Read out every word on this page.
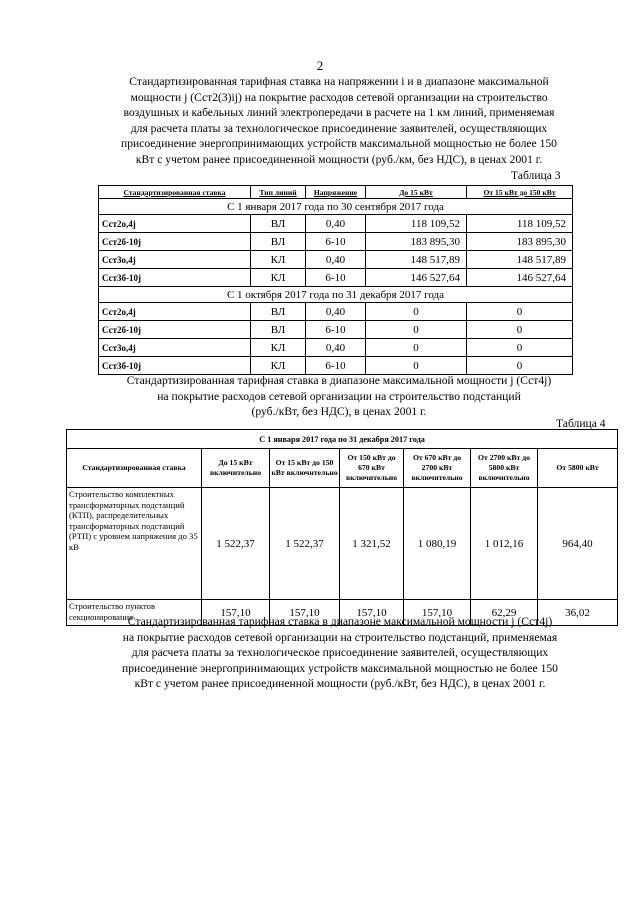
2
Стандартизированная тарифная ставка на напряжении i и в диапазоне максимальной
мощности j (Сст2(3)ij) на покрытие расходов сетевой организации на строительство
воздушных и кабельных линий электропередачи в расчете на 1 км линий, применяемая
для расчета платы за технологическое присоединение заявителей, осуществляющих
присоединение энергопринимающих устройств максимальной мощностью не более 150
кВт с учетом ранее присоединенной мощности (руб./км, без НДС), в ценах 2001 г.
Таблица 3
Стандартизированная ставка	Тип линий	Напряжение	До 15 кВт	От 15 кВт до 150 кВт
С 1 января 2017 года по 30 сентября 2017 года				
Сст2о,4j	ВЛ	0,40	118 109,52	118 109,52
Сст2б-10j	ВЛ	6-10	183 895,30	183 895,30
Сст3о,4j	КЛ	0,40	148 517,89	148 517,89
Сст3б-10j	КЛ	6-10	146 527,64	146 527,64
С 1 октября 2017 года по 31 декабря 2017 года				
Сст2о,4j	ВЛ	0,40	0	0
Сст2б-10j	ВЛ	6-10	0	0
Сст3о,4j	КЛ	0,40	0	0
Сст3б-10j	КЛ	6-10	0	0
Стандартизированная тарифная ставка в диапазоне максимальной мощности j (Сст4j)
на покрытие расходов сетевой организации на строительство подстанций
(руб./кВт, без НДС), в ценах 2001 г.
Таблица 4
С 1 января 2017 года по 31 декабря 2017 года						
Стандартизированная ставка	До 15 кВт включительно	От 15 кВт до 150 кВт включительно	От 150 кВт до 670 кВт включительно	От 670 кВт до 2700 кВт включительно	От 2700 кВт до 5800 кВт включительно	От 5800 кВт
Строительство комплектных трансформаторных подстанций (КТП), распределительных трансформаторных подстанций (РТП) с уровнем напряжения до 35 кВ	1 522,37	1 522,37	1 321,52	1 080,19	1 012,16	964,40
Строительство пунктов секционирования	157,10	157,10	157,10	157,10	62,29	36,02
Стандартизированная тарифная ставка в диапазоне максимальной мощности j (Сст4j)
на покрытие расходов сетевой организации на строительство подстанций, применяемая
для расчета платы за технологическое присоединение заявителей, осуществляющих
присоединение энергопринимающих устройств максимальной мощностью не более 150
кВт с учетом ранее присоединенной мощности (руб./кВт, без НДС), в ценах 2001 г.
